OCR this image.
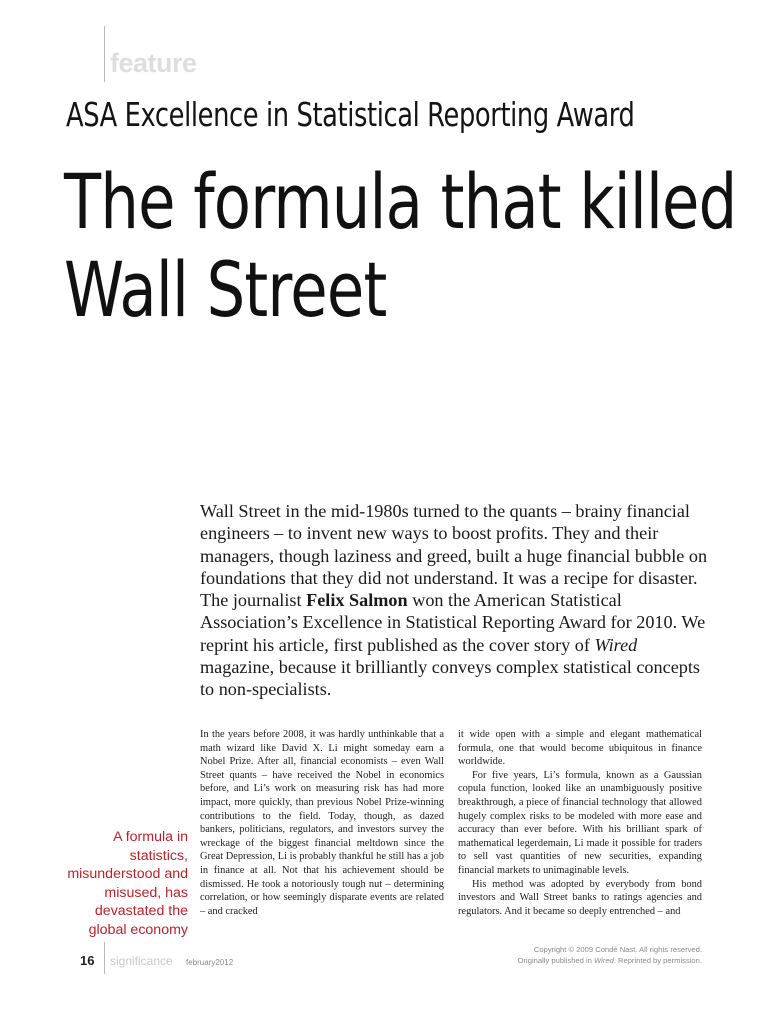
feature
ASA Excellence in Statistical Reporting Award
The formula that killed
Wall Street

Wall Street in the mid-1980s turned to the quants – brainy financial engineers – to invent new ways to boost profits. They and their managers, though laziness and greed, built a huge financial bubble on foundations that they did not understand. It was a recipe for disaster. The journalist Felix Salmon won the American Statistical Association’s Excellence in Statistical Reporting Award for 2010. We reprint his article, first published as the cover story of Wired magazine, because it brilliantly conveys complex statistical concepts to non-specialists.

In the years before 2008, it was hardly unthinkable that a math wizard like David X. Li might someday earn a Nobel Prize. After all, financial economists – even Wall Street quants – have received the Nobel in economics before, and Li’s work on measuring risk has had more impact, more quickly, than previous Nobel Prize-winning contributions to the field. Today, though, as dazed bankers, politicians, regulators, and investors survey the wreckage of the biggest financial meltdown since the Great Depression, Li is probably thankful he still has a job in finance at all. Not that his achievement should be dismissed. He took a notoriously tough nut – determining correlation, or how seemingly disparate events are related – and cracked

it wide open with a simple and elegant mathematical formula, one that would become ubiquitous in finance worldwide.

For five years, Li’s formula, known as a Gaussian copula function, looked like an unambiguously positive breakthrough, a piece of financial technology that allowed hugely complex risks to be modeled with more ease and accuracy than ever before. With his brilliant spark of mathematical legerdemain, Li made it possible for traders to sell vast quantities of new securities, expanding financial markets to unimaginable levels.

His method was adopted by everybody from bond investors and Wall Street banks to ratings agencies and regulators. And it became so deeply entrenched – and

A formula in statistics, misunderstood and misused, has devastated the global economy
16 significance february2012
Copyright © 2009 Condé Nast. All rights reserved.
Originally published in Wired. Reprinted by permission.
